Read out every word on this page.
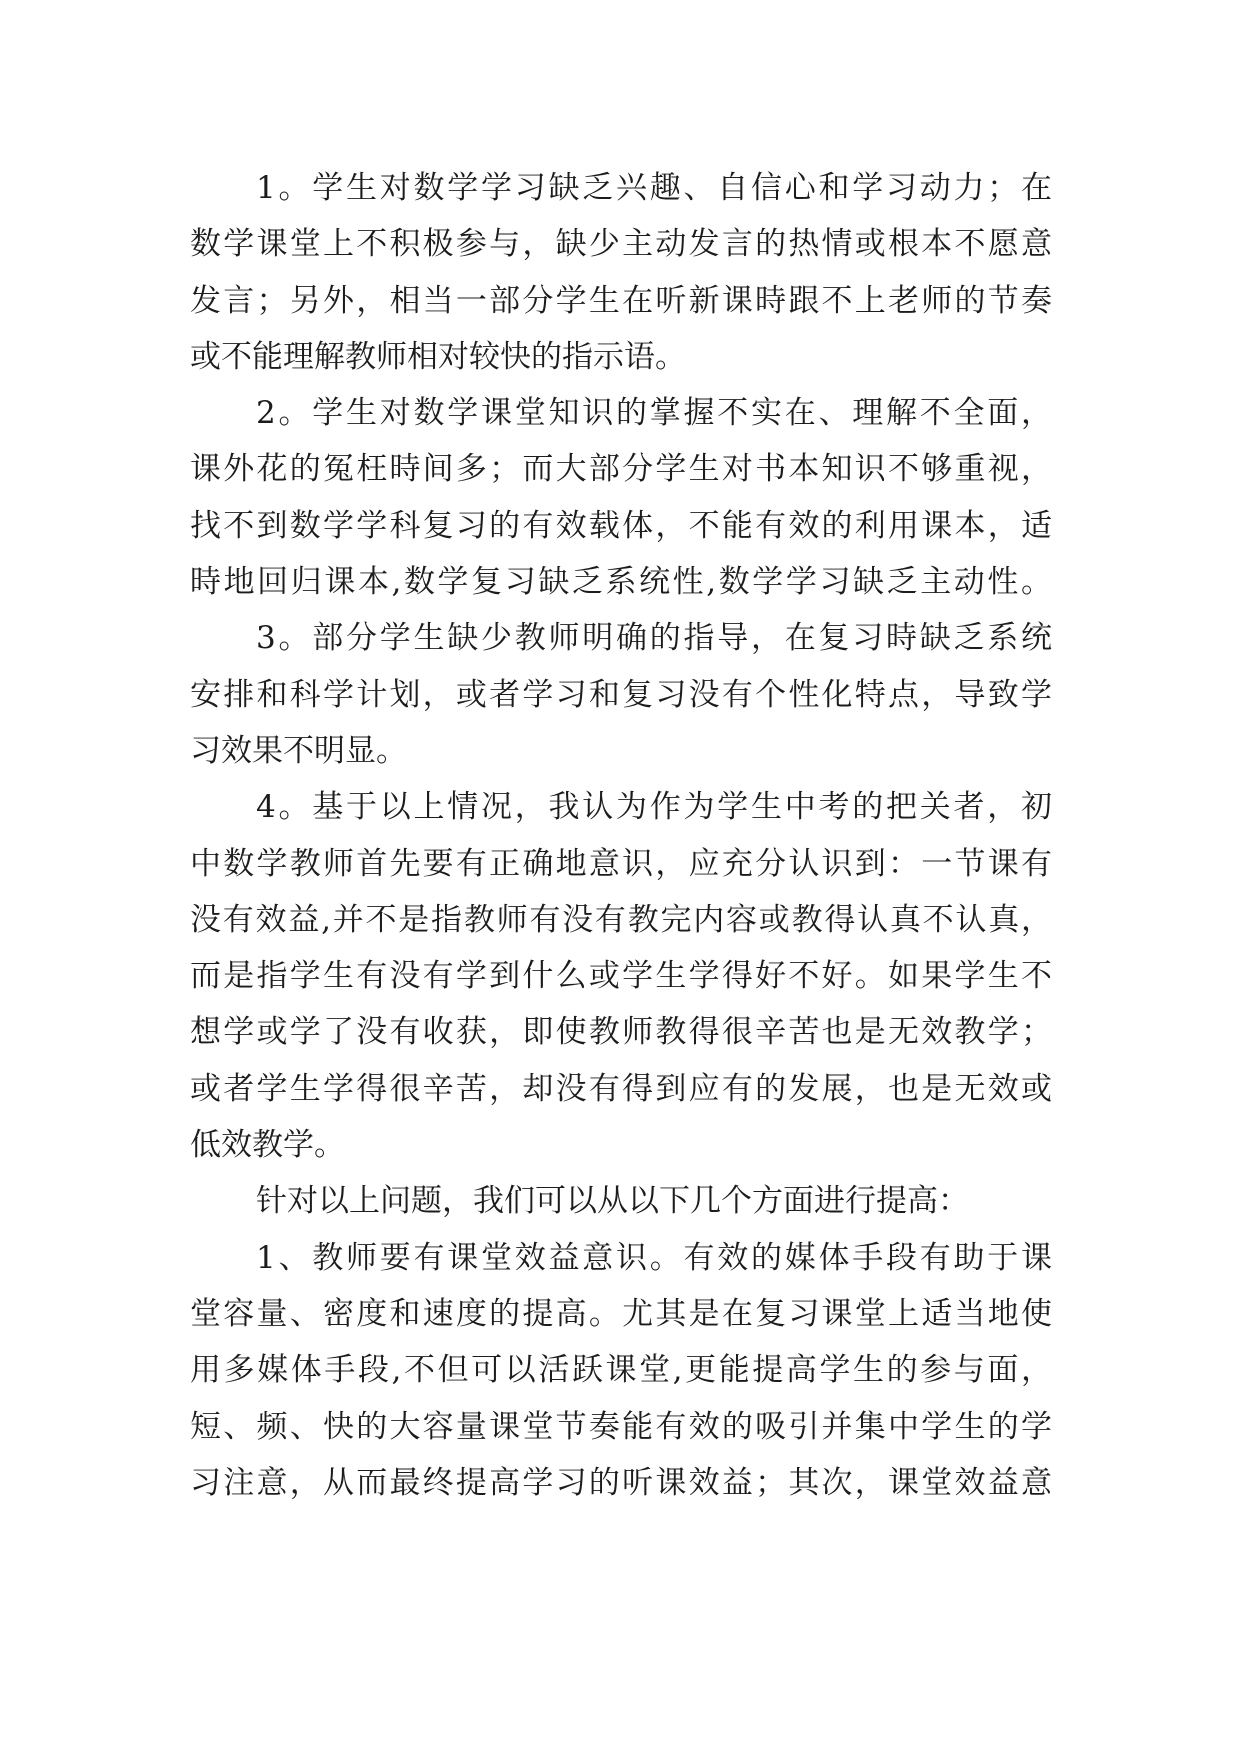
1。学生对数学学习缺乏兴趣、自信心和学习动力；在
数学课堂上不积极参与，缺少主动发言的热情或根本不愿意
发言；另外，相当一部分学生在听新课時跟不上老师的节奏
或不能理解教师相对较快的指示语。
2。学生对数学课堂知识的掌握不实在、理解不全面，
课外花的冤枉時间多；而大部分学生对书本知识不够重视，
找不到数学学科复习的有效载体，不能有效的利用课本，适
時地回归课本,数学复习缺乏系统性,数学学习缺乏主动性。
3。部分学生缺少教师明确的指导，在复习時缺乏系统
安排和科学计划，或者学习和复习没有个性化特点，导致学
习效果不明显。
4。基于以上情况，我认为作为学生中考的把关者，初
中数学教师首先要有正确地意识，应充分认识到：一节课有
没有效益,并不是指教师有没有教完内容或教得认真不认真，
而是指学生有没有学到什么或学生学得好不好。如果学生不
想学或学了没有收获，即使教师教得很辛苦也是无效教学；
或者学生学得很辛苦，却没有得到应有的发展，也是无效或
低效教学。
针对以上问题，我们可以从以下几个方面进行提高：
1、教师要有课堂效益意识。有效的媒体手段有助于课
堂容量、密度和速度的提高。尤其是在复习课堂上适当地使
用多媒体手段,不但可以活跃课堂,更能提高学生的参与面，
短、频、快的大容量课堂节奏能有效的吸引并集中学生的学
习注意，从而最终提高学习的听课效益；其次，课堂效益意
